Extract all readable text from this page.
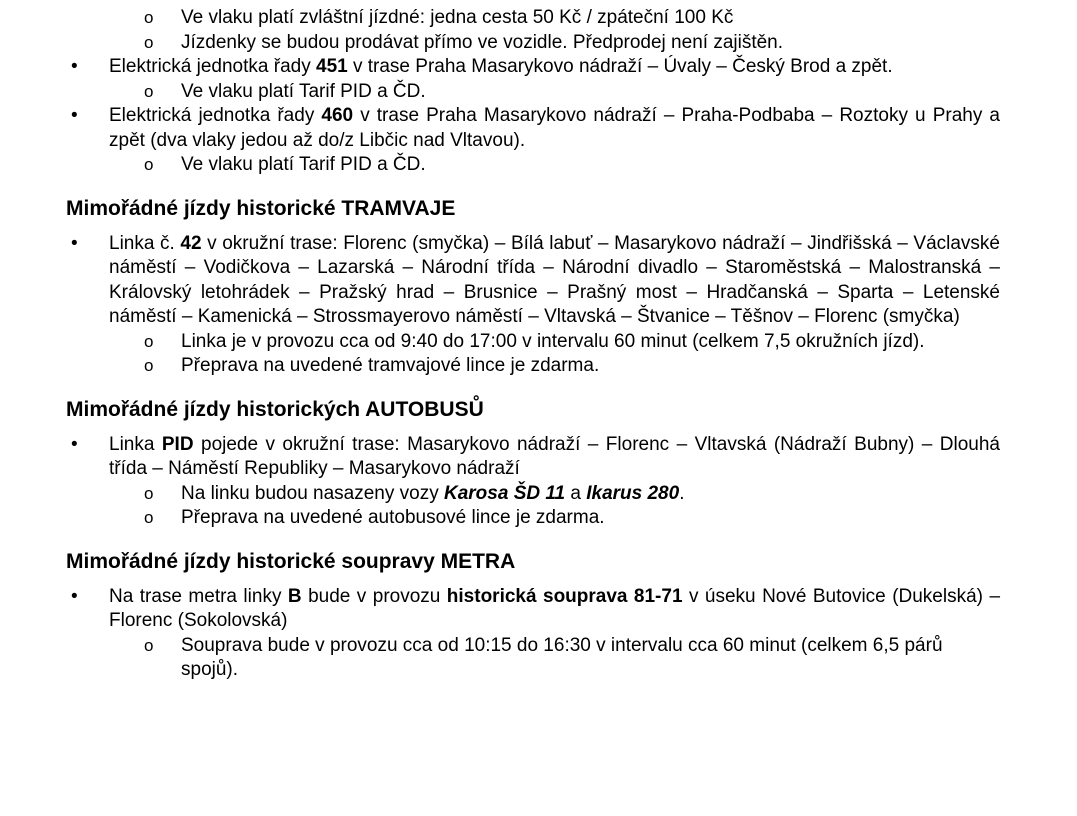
o Ve vlaku platí zvláštní jízdné: jedna cesta 50 Kč / zpáteční 100 Kč
o Jízdenky se budou prodávat přímo ve vozidle. Předprodej není zajištěn.
• Elektrická jednotka řady 451 v trase Praha Masarykovo nádraží – Úvaly – Český Brod a zpět.
o Ve vlaku platí Tarif PID a ČD.
• Elektrická jednotka řady 460 v trase Praha Masarykovo nádraží – Praha-Podbaba – Roztoky u Prahy a zpět (dva vlaky jedou až do/z Libčic nad Vltavou).
o Ve vlaku platí Tarif PID a ČD.
Mimořádné jízdy historické TRAMVAJE
• Linka č. 42 v okružní trase: Florenc (smyčka) – Bílá labuť – Masarykovo nádraží – Jindřišská – Václavské náměstí – Vodičkova – Lazarská – Národní třída – Národní divadlo – Staroměstská – Malostranská – Královský letohrádek – Pražský hrad – Brusnice – Prašný most – Hradčanská – Sparta – Letenské náměstí – Kamenická – Strossmayerovo náměstí – Vltavská – Štvanice – Těšnov – Florenc (smyčka)
o Linka je v provozu cca od 9:40 do 17:00 v intervalu 60 minut (celkem 7,5 okružních jízd).
o Přeprava na uvedené tramvajové lince je zdarma.
Mimořádné jízdy historických AUTOBUSŮ
• Linka PID pojede v okružní trase: Masarykovo nádraží – Florenc – Vltavská (Nádraží Bubny) – Dlouhá třída – Náměstí Republiky – Masarykovo nádraží
o Na linku budou nasazeny vozy Karosa ŠD 11 a Ikarus 280.
o Přeprava na uvedené autobusové lince je zdarma.
Mimořádné jízdy historické soupravy METRA
• Na trase metra linky B bude v provozu historická souprava 81-71 v úseku Nové Butovice (Dukelská) – Florenc (Sokolovská)
o Souprava bude v provozu cca od 10:15 do 16:30 v intervalu cca 60 minut (celkem 6,5 párů spojů).
